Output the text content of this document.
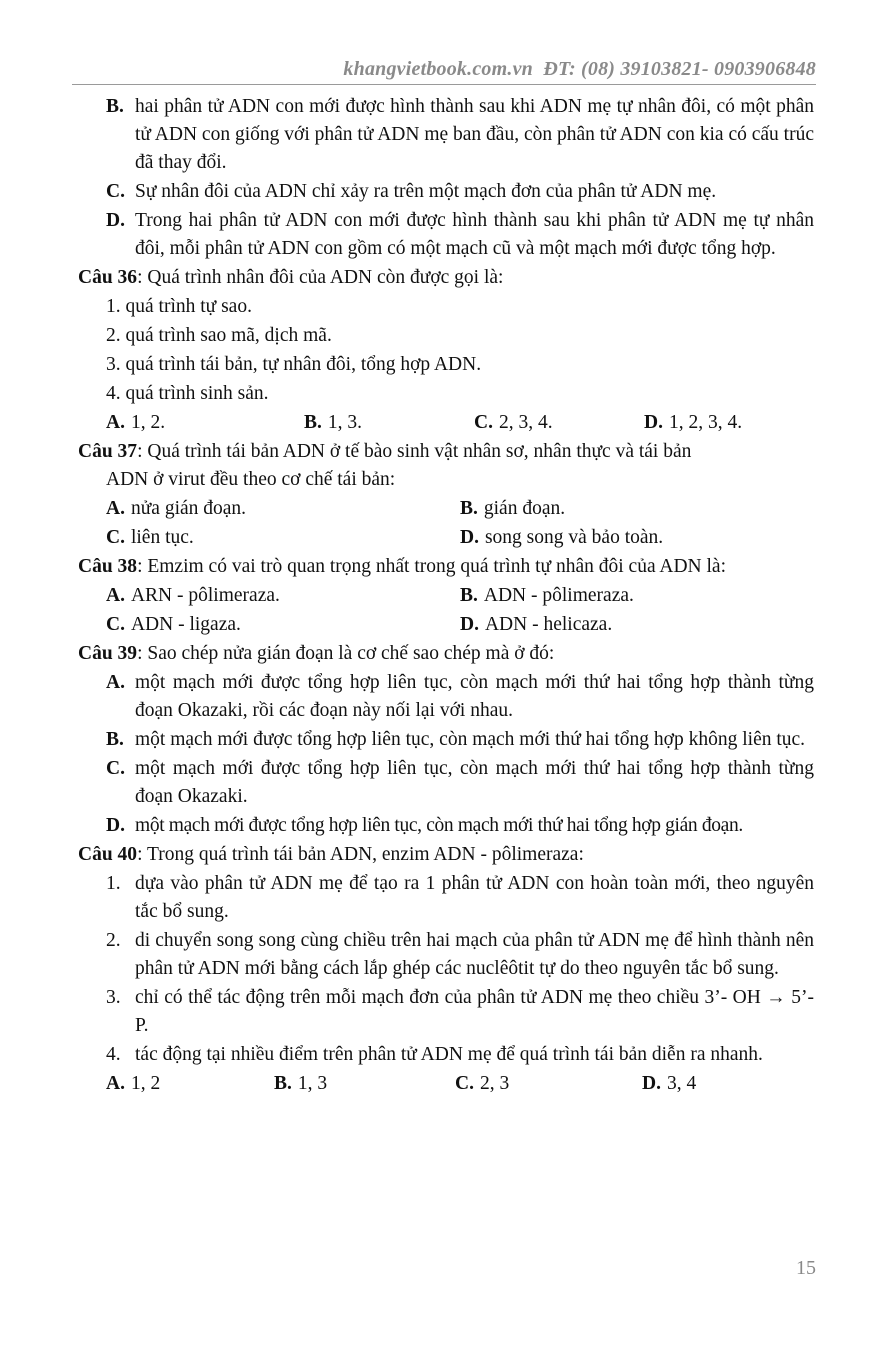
khangvietbook.com.vn ĐT: (08) 39103821- 0903906848
B. hai phân tử ADN con mới được hình thành sau khi ADN mẹ tự nhân đôi, có một phân tử ADN con giống với phân tử ADN mẹ ban đầu, còn phân tử ADN con kia có cấu trúc đã thay đổi.
C. Sự nhân đôi của ADN chỉ xảy ra trên một mạch đơn của phân tử ADN mẹ.
D. Trong hai phân tử ADN con mới được hình thành sau khi phân tử ADN mẹ tự nhân đôi, mỗi phân tử ADN con gồm có một mạch cũ và một mạch mới được tổng hợp.
Câu 36: Quá trình nhân đôi của ADN còn được gọi là:
1. quá trình tự sao.
2. quá trình sao mã, dịch mã.
3. quá trình tái bản, tự nhân đôi, tổng hợp ADN.
4. quá trình sinh sản.
A. 1, 2.	B. 1, 3.	C. 2, 3, 4.	D. 1, 2, 3, 4.
Câu 37: Quá trình tái bản ADN ở tế bào sinh vật nhân sơ, nhân thực và tái bản
ADN ở virut đều theo cơ chế tái bản:
A. nửa gián đoạn.	B. gián đoạn.
C. liên tục.	D. song song và bảo toàn.
Câu 38: Emzim có vai trò quan trọng nhất trong quá trình tự nhân đôi của ADN là:
A. ARN - pôlimeraza.	B. ADN - pôlimeraza.
C. ADN - ligaza.	D. ADN - helicaza.
Câu 39: Sao chép nửa gián đoạn là cơ chế sao chép mà ở đó:
A. một mạch mới được tổng hợp liên tục, còn mạch mới thứ hai tổng hợp thành từng đoạn Okazaki, rồi các đoạn này nối lại với nhau.
B. một mạch mới được tổng hợp liên tục, còn mạch mới thứ hai tổng hợp không liên tục.
C. một mạch mới được tổng hợp liên tục, còn mạch mới thứ hai tổng hợp thành từng đoạn Okazaki.
D. một mạch mới được tổng hợp liên tục, còn mạch mới thứ hai tổng hợp gián đoạn.
Câu 40: Trong quá trình tái bản ADN, enzim ADN - pôlimeraza:
1. dựa vào phân tử ADN mẹ để tạo ra 1 phân tử ADN con hoàn toàn mới, theo nguyên tắc bổ sung.
2. di chuyển song song cùng chiều trên hai mạch của phân tử ADN mẹ để hình thành nên phân tử ADN mới bằng cách lắp ghép các nuclêôtit tự do theo nguyên tắc bổ sung.
3. chỉ có thể tác động trên mỗi mạch đơn của phân tử ADN mẹ theo chiều 3’- OH → 5’- P.
4. tác động tại nhiều điểm trên phân tử ADN mẹ để quá trình tái bản diễn ra nhanh.
A. 1, 2	B. 1, 3	C. 2, 3	D. 3, 4
15
